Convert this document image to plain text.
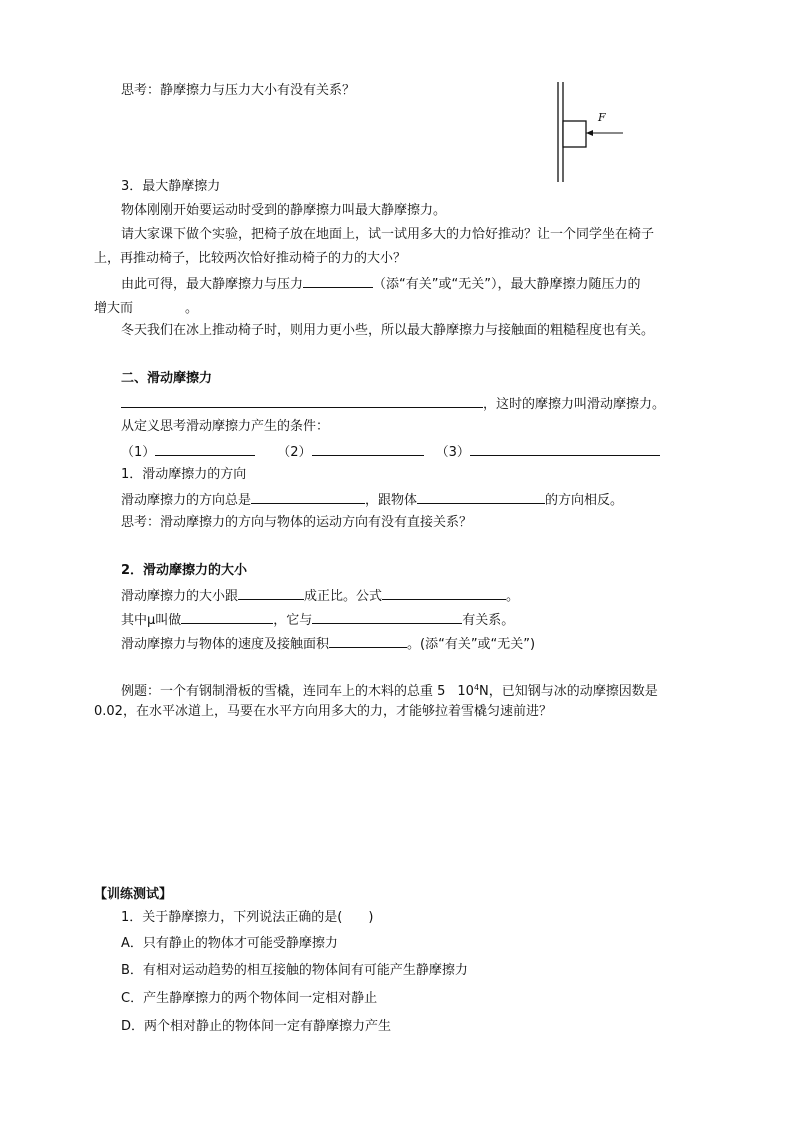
思考：静摩擦力与压力大小有没有关系？
F
3．最大静摩擦力
物体刚刚开始要运动时受到的静摩擦力叫最大静摩擦力。
请大家课下做个实验，把椅子放在地面上，试一试用多大的力恰好推动？让一个同学坐在椅子
上，再推动椅子，比较两次恰好推动椅子的力的大小？
由此可得，最大静摩擦力与压力	（添“有关”或“无关”），最大静摩擦力随压力的
增大而	。
冬天我们在冰上推动椅子时，则用力更小些，所以最大静摩擦力与接触面的粗糙程度也有关。
二、滑动摩擦力
，这时的摩擦力叫滑动摩擦力。
从定义思考滑动摩擦力产生的条件：
（1）	（2）	（3）
1．滑动摩擦力的方向
滑动摩擦力的方向总是	，跟物体	的方向相反。
思考：滑动摩擦力的方向与物体的运动方向有没有直接关系？
2．滑动摩擦力的大小
滑动摩擦力的大小跟	成正比。公式	。
其中μ叫做	，它与	有关系。
滑动摩擦力与物体的速度及接触面积	。(添“有关”或“无关”)
例题：一个有钢制滑板的雪橇，连同车上的木料的总重 5 $10^4N$，已知钢与冰的动摩擦因数是
0.02，在水平冰道上，马要在水平方向用多大的力，才能够拉着雪橇匀速前进？
【训练测试】
1．关于静摩擦力，下列说法正确的是(　　)
A．只有静止的物体才可能受静摩擦力
B．有相对运动趋势的相互接触的物体间有可能产生静摩擦力
C．产生静摩擦力的两个物体间一定相对静止
D．两个相对静止的物体间一定有静摩擦力产生
